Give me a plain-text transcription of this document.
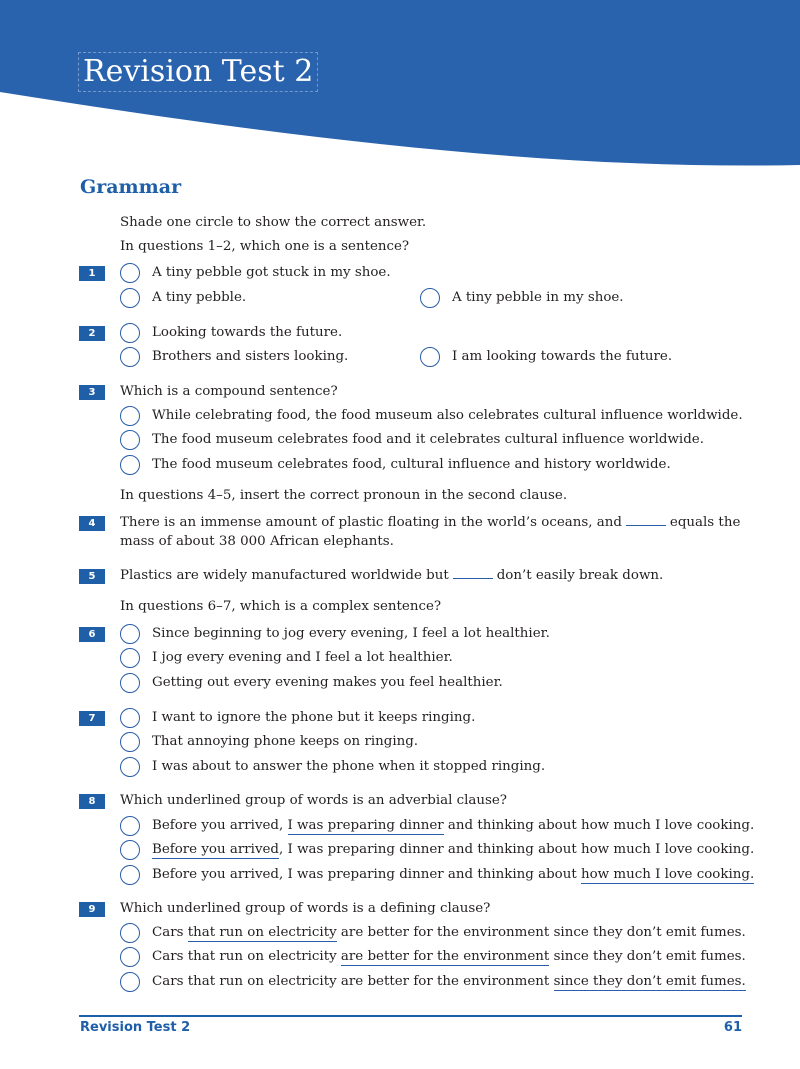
Revision Test 2
Grammar
Shade one circle to show the correct answer.
In questions 1–2, which one is a sentence?
1	A tiny pebble got stuck in my shoe.
A tiny pebble.	A tiny pebble in my shoe.
2	Looking towards the future.
Brothers and sisters looking.	I am looking towards the future.
3	Which is a compound sentence?
While celebrating food, the food museum also celebrates cultural influence worldwide.
The food museum celebrates food and it celebrates cultural influence worldwide.
The food museum celebrates food, cultural influence and history worldwide.
In questions 4–5, insert the correct pronoun in the second clause.
4	There is an immense amount of plastic floating in the world’s oceans, and	equals the
mass of about 38 000 African elephants.
5	Plastics are widely manufactured worldwide but	don’t easily break down.
In questions 6–7, which is a complex sentence?
6	Since beginning to jog every evening, I feel a lot healthier.
I jog every evening and I feel a lot healthier.
Getting out every evening makes you feel healthier.
7	I want to ignore the phone but it keeps ringing.
That annoying phone keeps on ringing.
I was about to answer the phone when it stopped ringing.
8	Which underlined group of words is an adverbial clause?
Before you arrived, I was preparing dinner and thinking about how much I love cooking.
Before you arrived, I was preparing dinner and thinking about how much I love cooking.
Before you arrived, I was preparing dinner and thinking about how much I love cooking.
9	Which underlined group of words is a defining clause?
Cars that run on electricity are better for the environment since they don’t emit fumes.
Cars that run on electricity are better for the environment since they don’t emit fumes.
Cars that run on electricity are better for the environment since they don’t emit fumes.
Revision Test 2	61
